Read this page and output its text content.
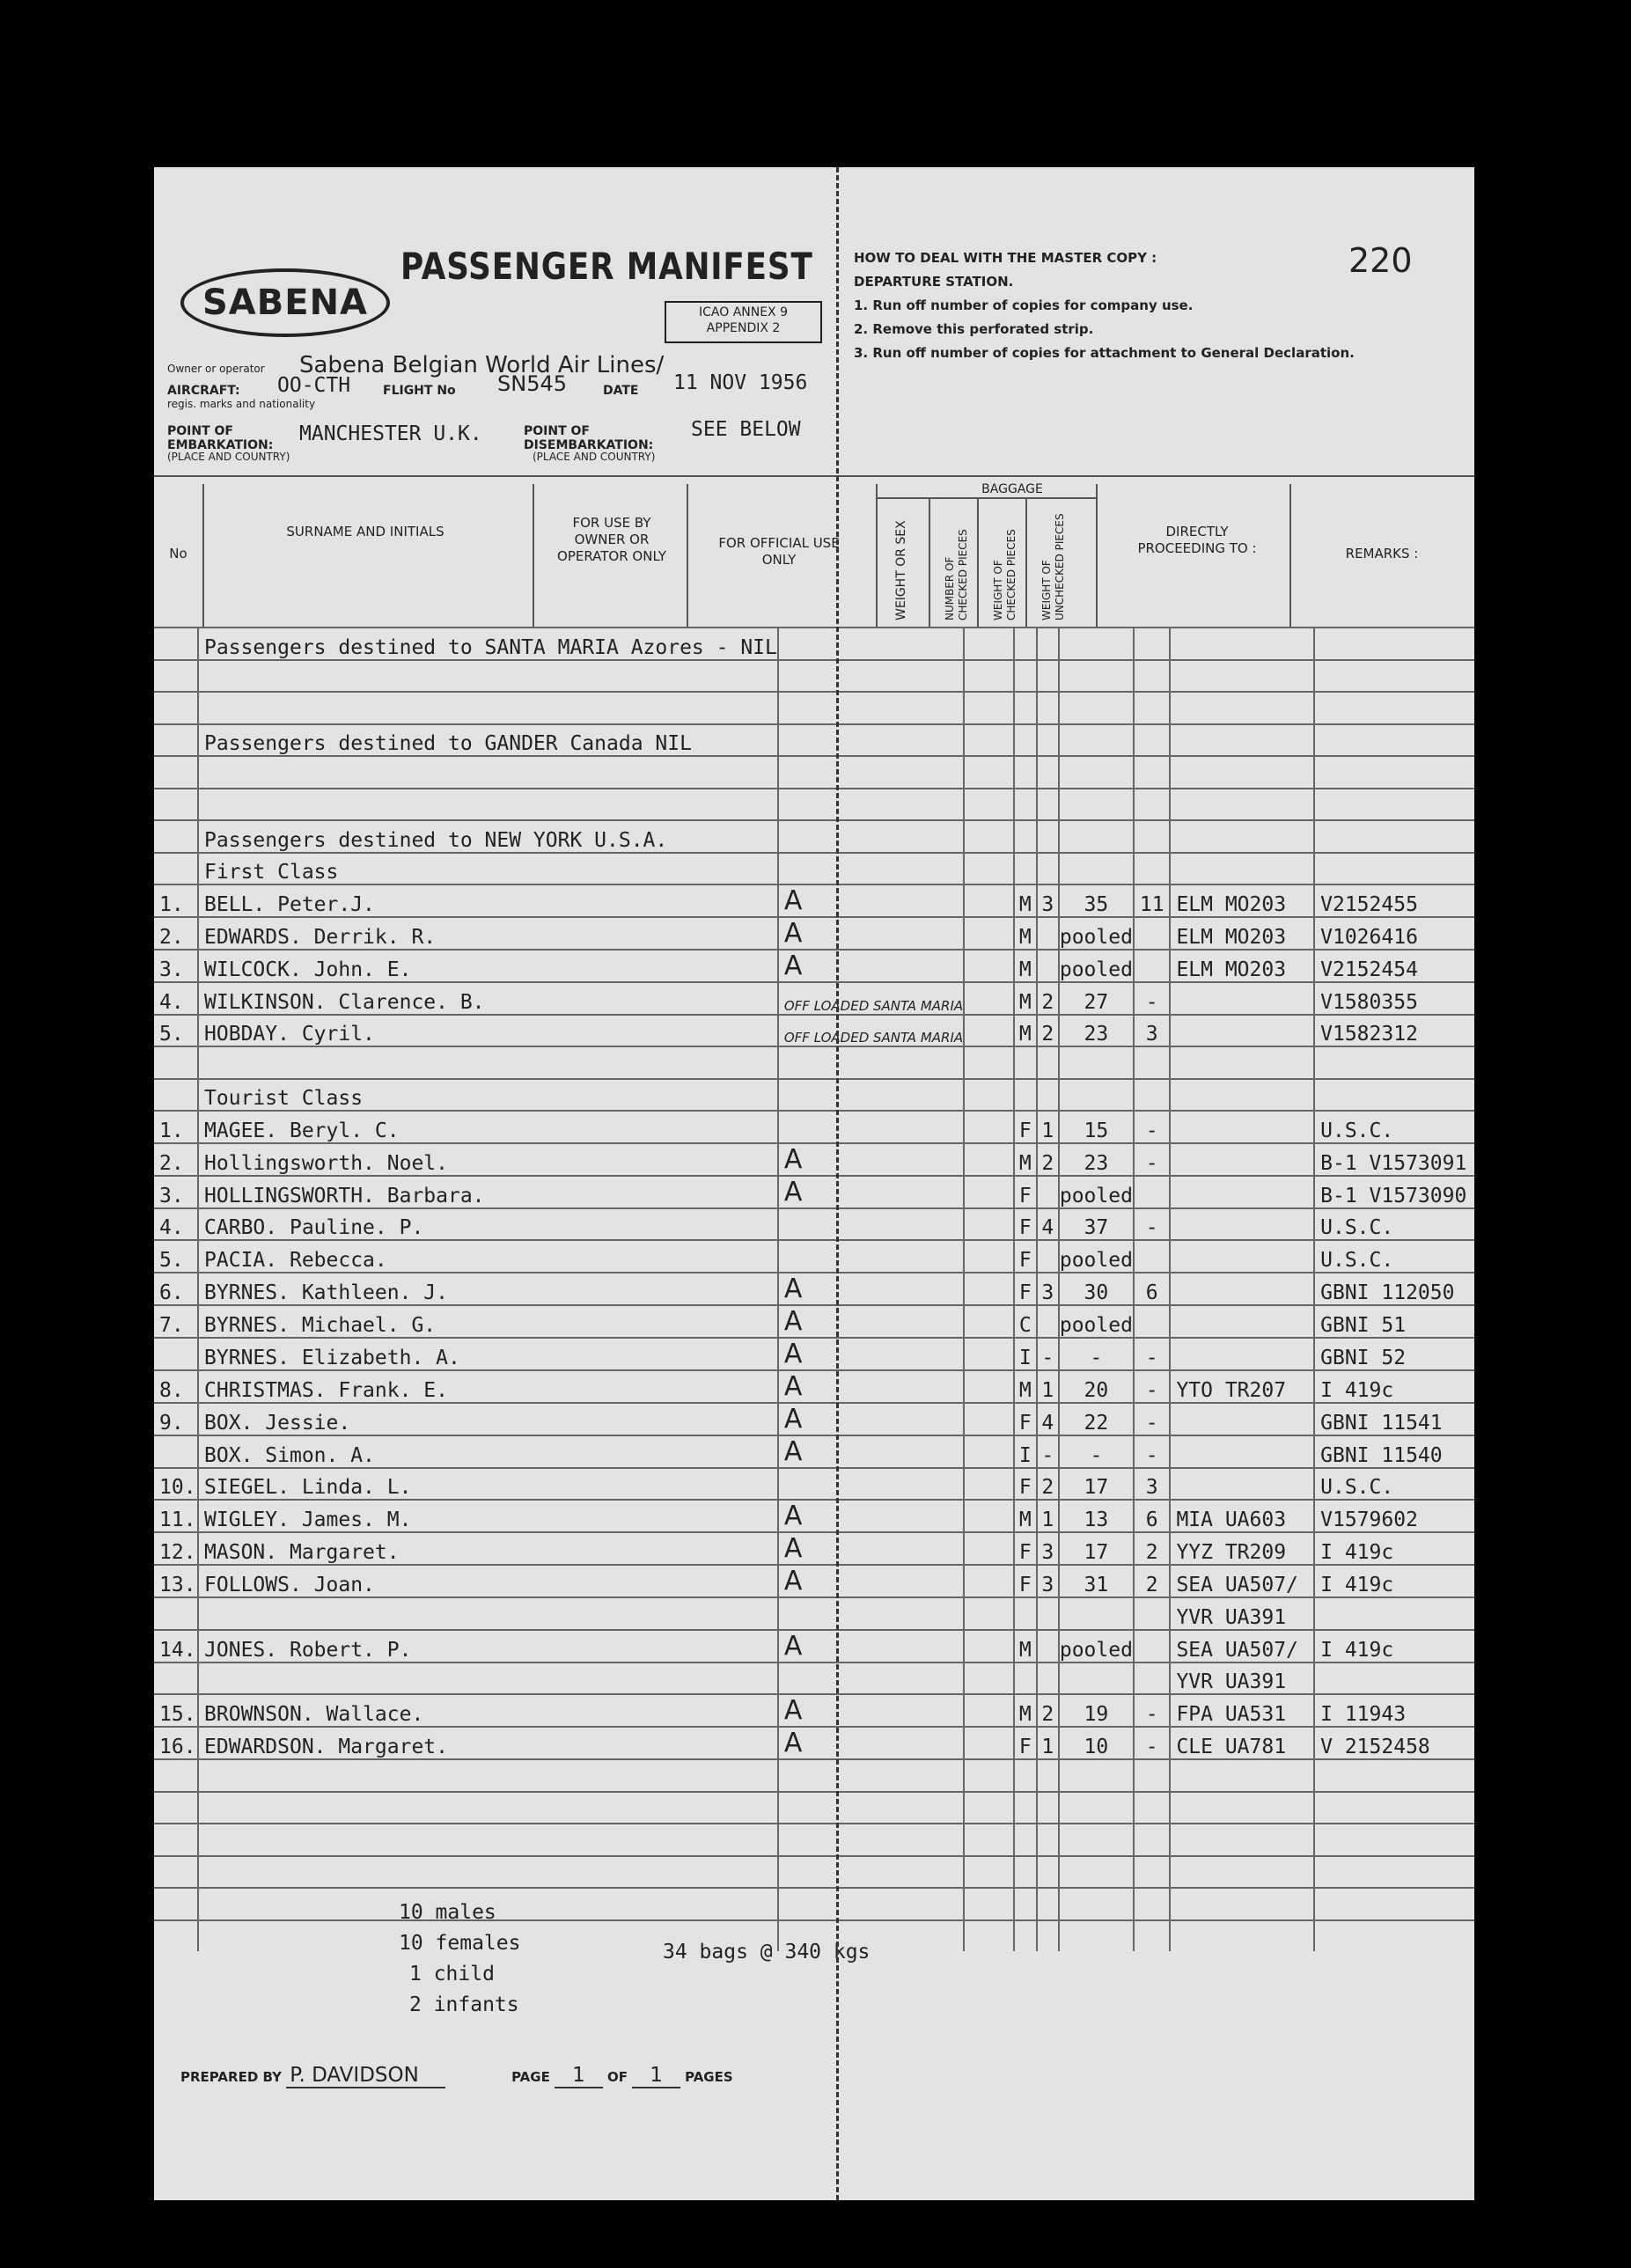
SABENA
PASSENGER MANIFEST
ICAO ANNEX 9
APPENDIX 2
220
HOW TO DEAL WITH THE MASTER COPY :
DEPARTURE STATION.
1. Run off number of copies for company use.
2. Remove this perforated strip.
3. Run off number of copies for attachment to General Declaration.
Owner or operator Sabena Belgian World Air Lines/
AIRCRAFT:
regis. marks and nationality
OO-CTH	FLIGHT No SN545	DATE 11 NOV 1956
POINT OF EMBARKATION:
(PLACE AND COUNTRY)
MANCHESTER U.K.	POINT OF DISEMBARKATION:
(PLACE AND COUNTRY)
SEE BELOW
No
SURNAME AND INITIALS
FOR USE BY OWNER OR OPERATOR ONLY
FOR OFFICIAL USE ONLY	WEIGHT OR SEX
BAGGAGE
NUMBER OF CHECKED PIECES WEIGHT OF CHECKED PIECES WEIGHT OF UNCHECKED PIECES	DIRECTLY PROCEEDING TO :	REMARKS :
	Passengers destined to SANTA MARIA Azores - NIL								

	Passengers destined to GANDER Canada NIL								

	Passengers destined to NEW YORK U.S.A.								
	First Class								
1.	BELL. Peter.J.	A		M	3	35	11	ELM MO203	V2152455
2.	EDWARDS. Derrik. R.	A		M		pooled		ELM MO203	V1026416
3.	WILCOCK. John. E.	A		M		pooled		ELM MO203	V2152454
4.	WILKINSON. Clarence. B.	OFF LOADED SANTA MARIA		M	2	27	-		V1580355
5.	HOBDAY. Cyril.	OFF LOADED SANTA MARIA		M	2	23	3		V1582312

	Tourist Class								
1.	MAGEE. Beryl. C.			F	1	15	-		U.S.C.
2.	Hollingsworth. Noel.	A		M	2	23	-		B-1 V1573091
3.	HOLLINGSWORTH. Barbara.	A		F		pooled			B-1 V1573090
4.	CARBO. Pauline. P.			F	4	37	-		U.S.C.
5.	PACIA. Rebecca.			F		pooled			U.S.C.
6.	BYRNES. Kathleen. J.	A		F	3	30	6		GBNI 112050
7.	BYRNES. Michael. G.	A		C		pooled			GBNI 51
	BYRNES. Elizabeth. A.	A		I	-	-	-		GBNI 52
8.	CHRISTMAS. Frank. E.	A		M	1	20	-	YTO TR207	I 419c
9.	BOX. Jessie.	A		F	4	22	-		GBNI 11541
	BOX. Simon. A.	A		I	-	-	-		GBNI 11540
10.	SIEGEL. Linda. L.			F	2	17	3		U.S.C.
11.	WIGLEY. James. M.	A		M	1	13	6	MIA UA603	V1579602
12.	MASON. Margaret.	A		F	3	17	2	YYZ TR209	I 419c
13.	FOLLOWS. Joan.	A		F	3	31	2	SEA UA507/	I 419c
								YVR UA391	
14.	JONES. Robert. P.	A		M		pooled		SEA UA507/	I 419c
								YVR UA391	
15.	BROWNSON. Wallace.	A		M	2	19	-	FPA UA531	I 11943
16.	EDWARDSON. Margaret.	A		F	1	10	-	CLE UA781	V 2152458

10 males
10 females
1 child
2 infants
34 bags @ 340 kgs
PREPARED BY P. DAVIDSON	PAGE 1 OF 1 PAGES
